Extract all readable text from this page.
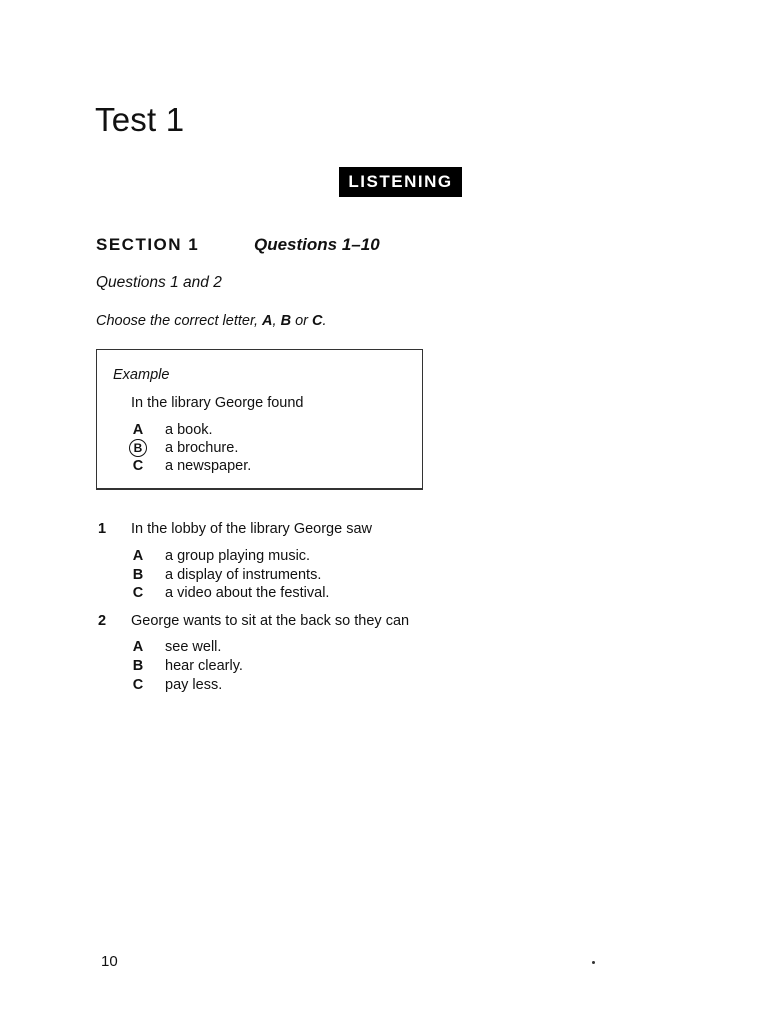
Test 1
LISTENING
SECTION 1	Questions 1–10
Questions 1 and 2
Choose the correct letter, A, B or C.
Example
In the library George found
A a book.
B a brochure.
C a newspaper.
1 In the lobby of the library George saw
A a group playing music.
B a display of instruments.
C a video about the festival.
2 George wants to sit at the back so they can
A see well.
B hear clearly.
C pay less.
10
